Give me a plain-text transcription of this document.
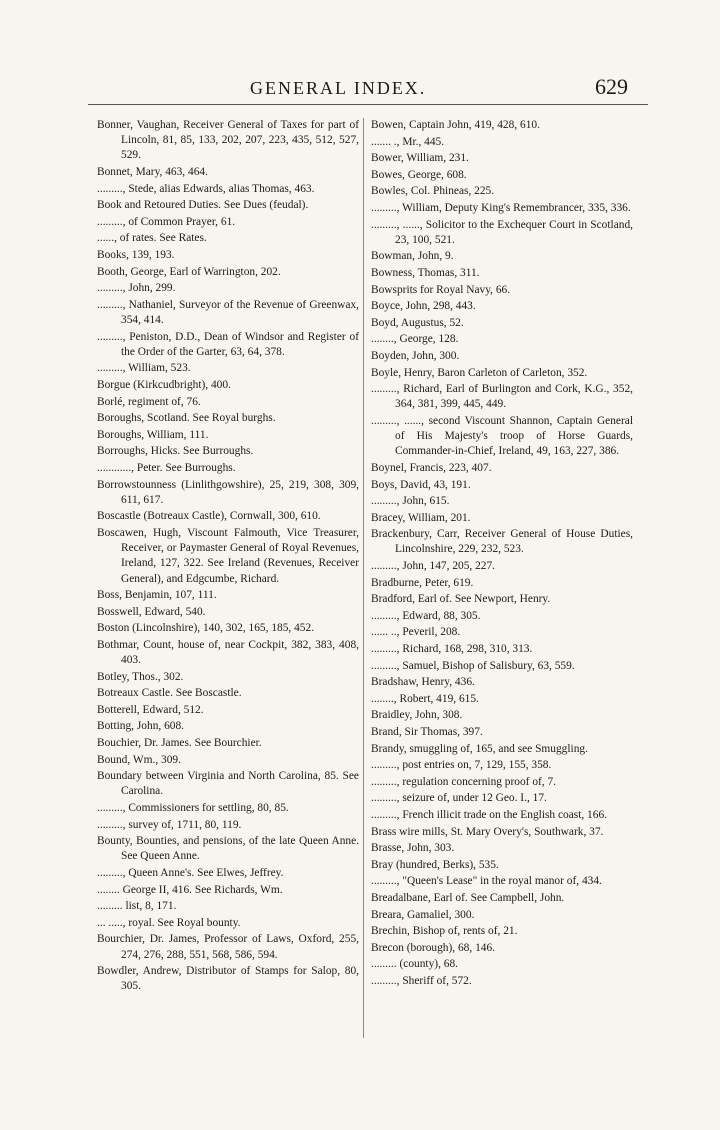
GENERAL INDEX.	629
Bonner, Vaughan, Receiver General of Taxes for part of Lincoln, 81, 85, 133, 202, 207, 223, 435, 512, 527, 529.
Bonnet, Mary, 463, 464.
........., Stede, alias Edwards, alias Thomas, 463.
Book and Retoured Duties. See Dues (feudal).
........., of Common Prayer, 61.
......, of rates. See Rates.
Books, 139, 193.
Booth, George, Earl of Warrington, 202.
........., John, 299.
........., Nathaniel, Surveyor of the Revenue of Greenwax, 354, 414.
........., Peniston, D.D., Dean of Windsor and Register of the Order of the Garter, 63, 64, 378.
........., William, 523.
Borgue (Kirkcudbright), 400.
Borlé, regiment of, 76.
Boroughs, Scotland. See Royal burghs.
Boroughs, William, 111.
Borroughs, Hicks. See Burroughs.
............, Peter. See Burroughs.
Borrowstounness (Linlithgowshire), 25, 219, 308, 309, 611, 617.
Boscastle (Botreaux Castle), Cornwall, 300, 610.
Boscawen, Hugh, Viscount Falmouth, Vice Treasurer, Receiver, or Paymaster General of Royal Revenues, Ireland, 127, 322. See Ireland (Revenues, Receiver General), and Edgcumbe, Richard.
Boss, Benjamin, 107, 111.
Bosswell, Edward, 540.
Boston (Lincolnshire), 140, 302, 165, 185, 452.
Bothmar, Count, house of, near Cockpit, 382, 383, 408, 403.
Botley, Thos., 302.
Botreaux Castle. See Boscastle.
Botterell, Edward, 512.
Botting, John, 608.
Bouchier, Dr. James. See Bourchier.
Bound, Wm., 309.
Boundary between Virginia and North Carolina, 85. See Carolina.
........., Commissioners for settling, 80, 85.
........., survey of, 1711, 80, 119.
Bounty, Bounties, and pensions, of the late Queen Anne. See Queen Anne.
........., Queen Anne's. See Elwes, Jeffrey.
........ George II, 416. See Richards, Wm.
......... list, 8, 171.
... ....., royal. See Royal bounty.
Bourchier, Dr. James, Professor of Laws, Oxford, 255, 274, 276, 288, 551, 568, 586, 594.
Bowdler, Andrew, Distributor of Stamps for Salop, 80, 305.
Bowen, Captain John, 419, 428, 610.
....... ., Mr., 445.
Bower, William, 231.
Bowes, George, 608.
Bowles, Col. Phineas, 225.
........., William, Deputy King's Remembrancer, 335, 336.
........., ......, Solicitor to the Exchequer Court in Scotland, 23, 100, 521.
Bowman, John, 9.
Bowness, Thomas, 311.
Bowsprits for Royal Navy, 66.
Boyce, John, 298, 443.
Boyd, Augustus, 52.
........, George, 128.
Boyden, John, 300.
Boyle, Henry, Baron Carleton of Carleton, 352.
........., Richard, Earl of Burlington and Cork, K.G., 352, 364, 381, 399, 445, 449.
........., ......, second Viscount Shannon, Captain General of His Majesty's troop of Horse Guards, Commander-in-Chief, Ireland, 49, 163, 227, 386.
Boynel, Francis, 223, 407.
Boys, David, 43, 191.
........., John, 615.
Bracey, William, 201.
Brackenbury, Carr, Receiver General of House Duties, Lincolnshire, 229, 232, 523.
........., John, 147, 205, 227.
Bradburne, Peter, 619.
Bradford, Earl of. See Newport, Henry.
........., Edward, 88, 305.
...... .., Peveril, 208.
........., Richard, 168, 298, 310, 313.
........., Samuel, Bishop of Salisbury, 63, 559.
Bradshaw, Henry, 436.
........, Robert, 419, 615.
Braidley, John, 308.
Brand, Sir Thomas, 397.
Brandy, smuggling of, 165, and see Smuggling.
........., post entries on, 7, 129, 155, 358.
........., regulation concerning proof of, 7.
........., seizure of, under 12 Geo. I., 17.
........., French illicit trade on the English coast, 166.
Brass wire mills, St. Mary Overy's, Southwark, 37.
Brasse, John, 303.
Bray (hundred, Berks), 535.
........., "Queen's Lease" in the royal manor of, 434.
Breadalbane, Earl of. See Campbell, John.
Breara, Gamaliel, 300.
Brechin, Bishop of, rents of, 21.
Brecon (borough), 68, 146.
......... (county), 68.
........., Sheriff of, 572.
